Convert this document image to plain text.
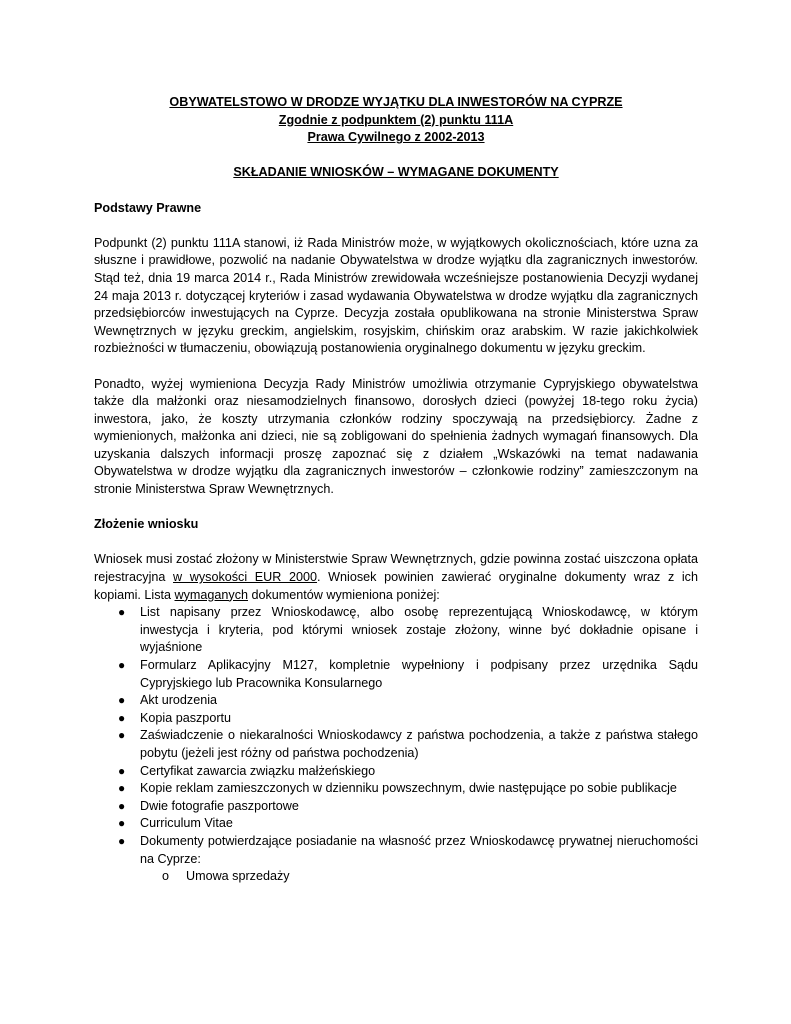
OBYWATELSTOWO W DRODZE WYJĄTKU DLA INWESTORÓW NA CYPRZE
Zgodnie z podpunktem (2) punktu 111A
Prawa Cywilnego z 2002-2013
SKŁADANIE WNIOSKÓW – WYMAGANE DOKUMENTY
Podstawy Prawne
Podpunkt (2) punktu 111A stanowi, iż Rada Ministrów może, w wyjątkowych okolicznościach, które uzna za słuszne i prawidłowe, pozwolić na nadanie Obywatelstwa w drodze wyjątku dla zagranicznych inwestorów. Stąd też, dnia 19 marca 2014 r., Rada Ministrów zrewidowała wcześniejsze postanowienia Decyzji wydanej 24 maja 2013 r. dotyczącej kryteriów i zasad wydawania Obywatelstwa w drodze wyjątku dla zagranicznych przedsiębiorców inwestujących na Cyprze. Decyzja została opublikowana na stronie Ministerstwa Spraw Wewnętrznych w języku greckim, angielskim, rosyjskim, chińskim oraz arabskim. W razie jakichkolwiek rozbieżności w tłumaczeniu, obowiązują postanowienia oryginalnego dokumentu w języku greckim.
Ponadto, wyżej wymieniona Decyzja Rady Ministrów umożliwia otrzymanie Cypryjskiego obywatelstwa także dla małżonki oraz niesamodzielnych finansowo, dorosłych dzieci (powyżej 18-tego roku życia) inwestora, jako, że koszty utrzymania członków rodziny spoczywają na przedsiębiorcy. Żadne z wymienionych, małżonka ani dzieci, nie są zobligowani do spełnienia żadnych wymagań finansowych. Dla uzyskania dalszych informacji proszę zapoznać się z działem „Wskazówki na temat nadawania Obywatelstwa w drodze wyjątku dla zagranicznych inwestorów – członkowie rodziny” zamieszczonym na stronie Ministerstwa Spraw Wewnętrznych.
Złożenie wniosku
Wniosek musi zostać złożony w Ministerstwie Spraw Wewnętrznych, gdzie powinna zostać uiszczona opłata rejestracyjna w wysokości EUR 2000. Wniosek powinien zawierać oryginalne dokumenty wraz z ich kopiami. Lista wymaganych dokumentów wymieniona poniżej:
● List napisany przez Wnioskodawcę, albo osobę reprezentującą Wnioskodawcę, w którym inwestycja i kryteria, pod którymi wniosek zostaje złożony, winne być dokładnie opisane i wyjaśnione
● Formularz Aplikacyjny M127, kompletnie wypełniony i podpisany przez urzędnika Sądu Cypryjskiego lub Pracownika Konsularnego
● Akt urodzenia
● Kopia paszportu
● Zaświadczenie o niekaralności Wnioskodawcy z państwa pochodzenia, a także z państwa stałego pobytu (jeżeli jest różny od państwa pochodzenia)
● Certyfikat zawarcia związku małżeńskiego
● Kopie reklam zamieszczonych w dzienniku powszechnym, dwie następujące po sobie publikacje
● Dwie fotografie paszportowe
● Curriculum Vitae
● Dokumenty potwierdzające posiadanie na własność przez Wnioskodawcę prywatnej nieruchomości na Cyprze:
o Umowa sprzedaży
